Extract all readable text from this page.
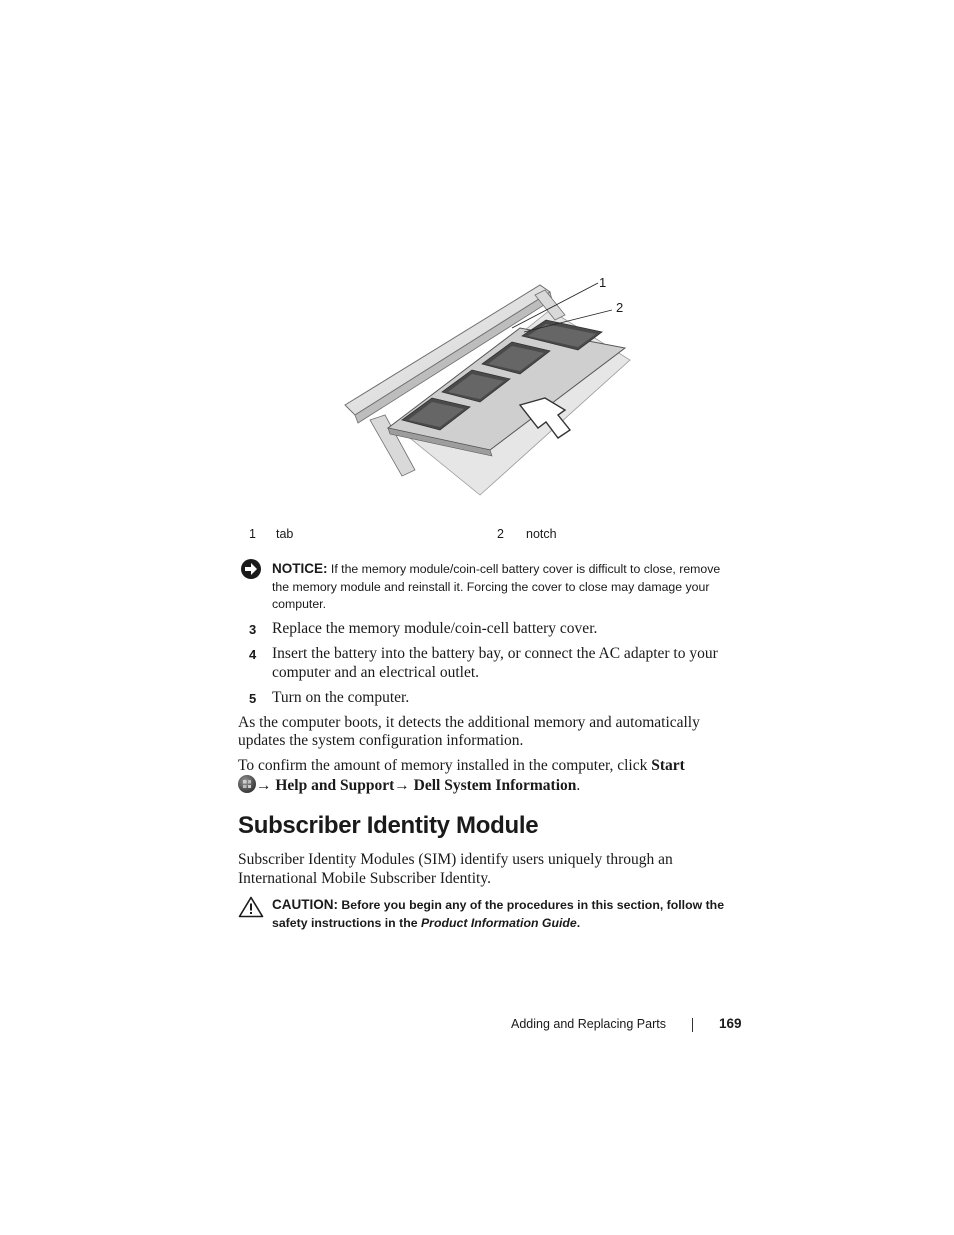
1
2
1 tab	2 notch
NOTICE: If the memory module/coin-cell battery cover is difficult to close, remove
the memory module and reinstall it. Forcing the cover to close may damage your
computer.
3 Replace the memory module/coin-cell battery cover.
4 Insert the battery into the battery bay, or connect the AC adapter to your
computer and an electrical outlet.
5 Turn on the computer.
As the computer boots, it detects the additional memory and automatically
updates the system configuration information.
To confirm the amount of memory installed in the computer, click Start
→ Help and Support→ Dell System Information.
Subscriber Identity Module
Subscriber Identity Modules (SIM) identify users uniquely through an
International Mobile Subscriber Identity.
CAUTION: Before you begin any of the procedures in this section, follow the
safety instructions in the Product Information Guide.
Adding and Replacing Parts	169
